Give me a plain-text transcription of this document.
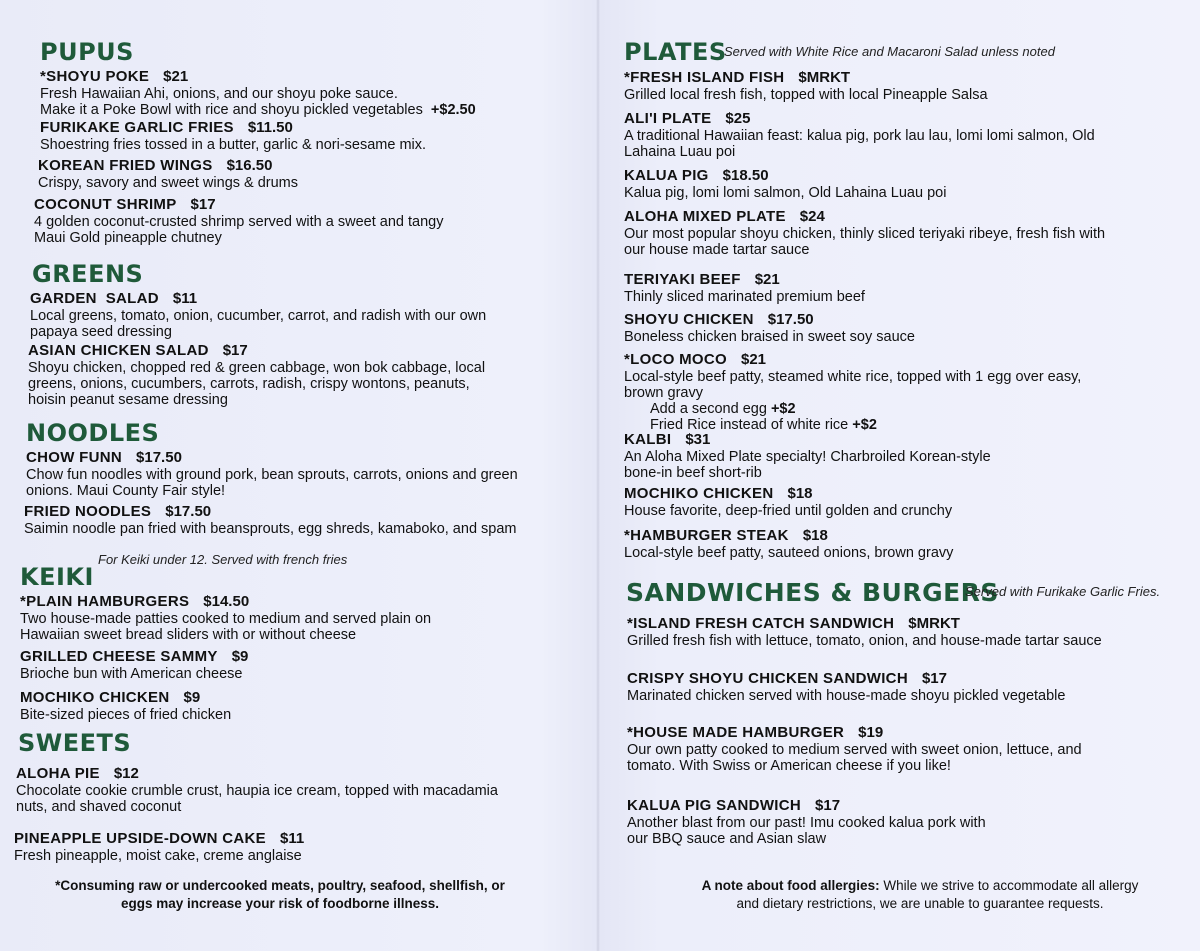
PUPUS
*SHOYU POKE $21
Fresh Hawaiian Ahi, onions, and our shoyu poke sauce.
Make it a Poke Bowl with rice and shoyu pickled vegetables +$2.50
FURIKAKE GARLIC FRIES $11.50
Shoestring fries tossed in a butter, garlic & nori-sesame mix.
KOREAN FRIED WINGS $16.50
Crispy, savory and sweet wings & drums
COCONUT SHRIMP $17
4 golden coconut-crusted shrimp served with a sweet and tangy
Maui Gold pineapple chutney
GREENS
GARDEN  SALAD $11
Local greens, tomato, onion, cucumber, carrot, and radish with our own
papaya seed dressing
ASIAN CHICKEN SALAD $17
Shoyu chicken, chopped red & green cabbage, won bok cabbage, local
greens, onions, cucumbers, carrots, radish, crispy wontons, peanuts,
hoisin peanut sesame dressing
NOODLES
CHOW FUNN $17.50
Chow fun noodles with ground pork, bean sprouts, carrots, onions and green
onions. Maui County Fair style!
FRIED NOODLES $17.50
Saimin noodle pan fried with beansprouts, egg shreds, kamaboko, and spam
For Keiki under 12. Served with french fries
KEIKI
*PLAIN HAMBURGERS $14.50
Two house-made patties cooked to medium and served plain on
Hawaiian sweet bread sliders with or without cheese
GRILLED CHEESE SAMMY $9
Brioche bun with American cheese
MOCHIKO CHICKEN $9
Bite-sized pieces of fried chicken
SWEETS
ALOHA PIE $12
Chocolate cookie crumble crust, haupia ice cream, topped with macadamia
nuts, and shaved coconut
PINEAPPLE UPSIDE-DOWN CAKE $11
Fresh pineapple, moist cake, creme anglaise
*Consuming raw or undercooked meats, poultry, seafood, shellfish, or
eggs may increase your risk of foodborne illness.
PLATES
Served with White Rice and Macaroni Salad unless noted
*FRESH ISLAND FISH $MRKT
Grilled local fresh fish, topped with local Pineapple Salsa
ALI'I PLATE $25
A traditional Hawaiian feast: kalua pig, pork lau lau, lomi lomi salmon, Old
Lahaina Luau poi
KALUA PIG $18.50
Kalua pig, lomi lomi salmon, Old Lahaina Luau poi
ALOHA MIXED PLATE $24
Our most popular shoyu chicken, thinly sliced teriyaki ribeye, fresh fish with
our house made tartar sauce
TERIYAKI BEEF $21
Thinly sliced marinated premium beef
SHOYU CHICKEN $17.50
Boneless chicken braised in sweet soy sauce
*LOCO MOCO $21
Local-style beef patty, steamed white rice, topped with 1 egg over easy,
brown gravy
Add a second egg +$2
Fried Rice instead of white rice +$2
KALBI $31
An Aloha Mixed Plate specialty! Charbroiled Korean-style
bone-in beef short-rib
MOCHIKO CHICKEN $18
House favorite, deep-fried until golden and crunchy
*HAMBURGER STEAK $18
Local-style beef patty, sauteed onions, brown gravy
SANDWICHES & BURGERS
Served with Furikake Garlic Fries.
*ISLAND FRESH CATCH SANDWICH $MRKT
Grilled fresh fish with lettuce, tomato, onion, and house-made tartar sauce
CRISPY SHOYU CHICKEN SANDWICH $17
Marinated chicken served with house-made shoyu pickled vegetable
*HOUSE MADE HAMBURGER $19
Our own patty cooked to medium served with sweet onion, lettuce, and
tomato. With Swiss or American cheese if you like!
KALUA PIG SANDWICH $17
Another blast from our past! Imu cooked kalua pork with
our BBQ sauce and Asian slaw
A note about food allergies: While we strive to accommodate all allergy
and dietary restrictions, we are unable to guarantee requests.
